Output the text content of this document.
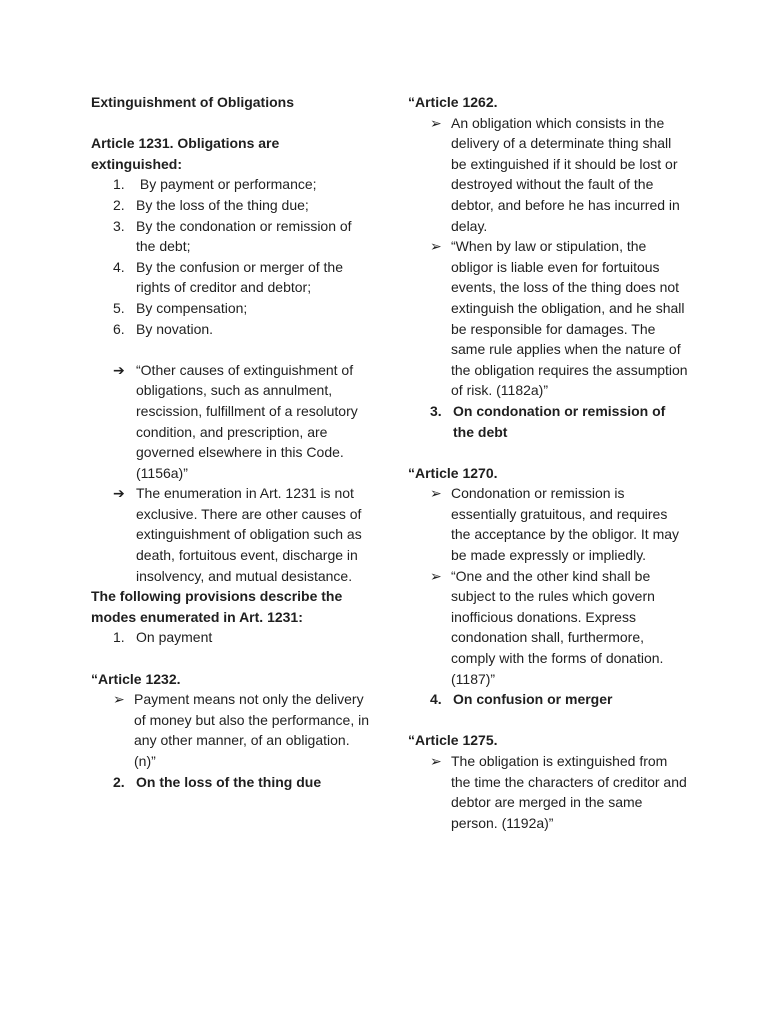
Extinguishment of Obligations
Article 1231. Obligations are extinguished:
1. By payment or performance;
2. By the loss of the thing due;
3. By the condonation or remission of the debt;
4. By the confusion or merger of the rights of creditor and debtor;
5. By compensation;
6. By novation.
➔ “Other causes of extinguishment of obligations, such as annulment, rescission, fulfillment of a resolutory condition, and prescription, are governed elsewhere in this Code. (1156a)”
➔ The enumeration in Art. 1231 is not exclusive. There are other causes of extinguishment of obligation such as death, fortuitous event, discharge in insolvency, and mutual desistance.
The following provisions describe the modes enumerated in Art. 1231:
1. On payment
“Article 1232.
➢ Payment means not only the delivery of money but also the performance, in any other manner, of an obligation. (n)”
2. On the loss of the thing due
“Article 1262.
➢ An obligation which consists in the delivery of a determinate thing shall be extinguished if it should be lost or destroyed without the fault of the debtor, and before he has incurred in delay.
➢ “When by law or stipulation, the obligor is liable even for fortuitous events, the loss of the thing does not extinguish the obligation, and he shall be responsible for damages. The same rule applies when the nature of the obligation requires the assumption of risk. (1182a)”
3. On condonation or remission of the debt
“Article 1270.
➢ Condonation or remission is essentially gratuitous, and requires the acceptance by the obligor. It may be made expressly or impliedly.
➢ “One and the other kind shall be subject to the rules which govern inofficious donations. Express condonation shall, furthermore, comply with the forms of donation. (1187)”
4. On confusion or merger
“Article 1275.
➢ The obligation is extinguished from the time the characters of creditor and debtor are merged in the same person. (1192a)”
